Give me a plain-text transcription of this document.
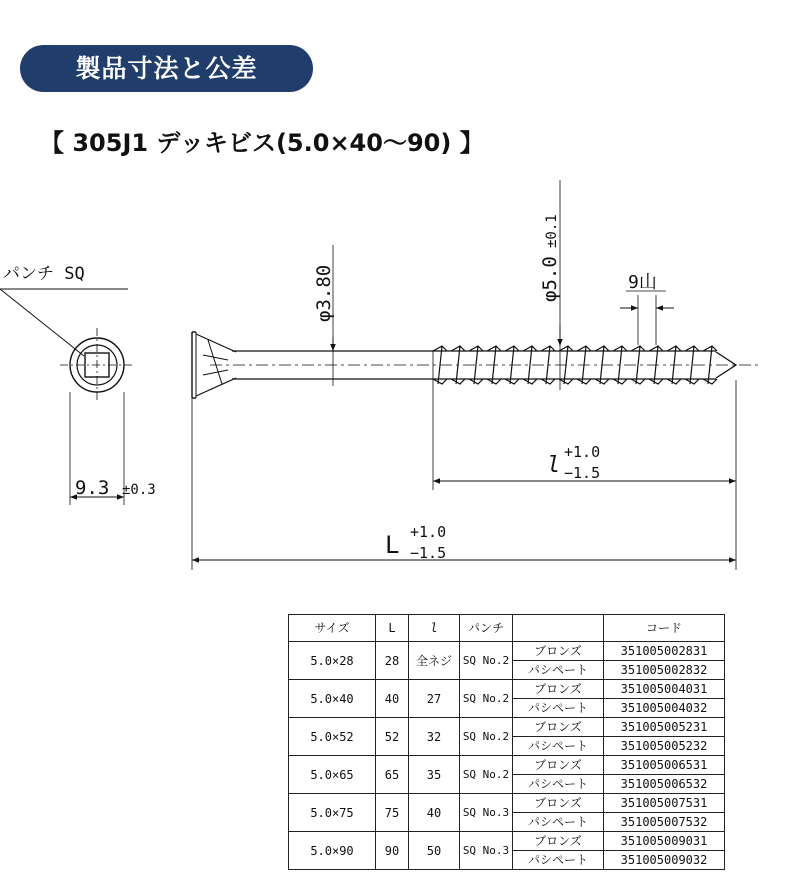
製品寸法と公差
【 305J1 デッキビス(5.0×40〜90) 】
パンチ SQ
9.3 ±0.3
φ3.80	φ5.0
±0.1
9山
l
+1.0
−1.5
L +1.0
−1.5
サイズ	L	l	パンチ		コード
5.0×28	28	全ネジ	SQ No.2	ブロンズ	351005002831
				パシペート	351005002832
5.0×40	40	27	SQ No.2	ブロンズ	351005004031
				パシペート	351005004032
5.0×52	52	32	SQ No.2	ブロンズ	351005005231
				パシペート	351005005232
5.0×65	65	35	SQ No.2	ブロンズ	351005006531
				パシペート	351005006532
5.0×75	75	40	SQ No.3	ブロンズ	351005007531
				パシペート	351005007532
5.0×90	90	50	SQ No.3	ブロンズ	351005009031
				パシペート	351005009032
